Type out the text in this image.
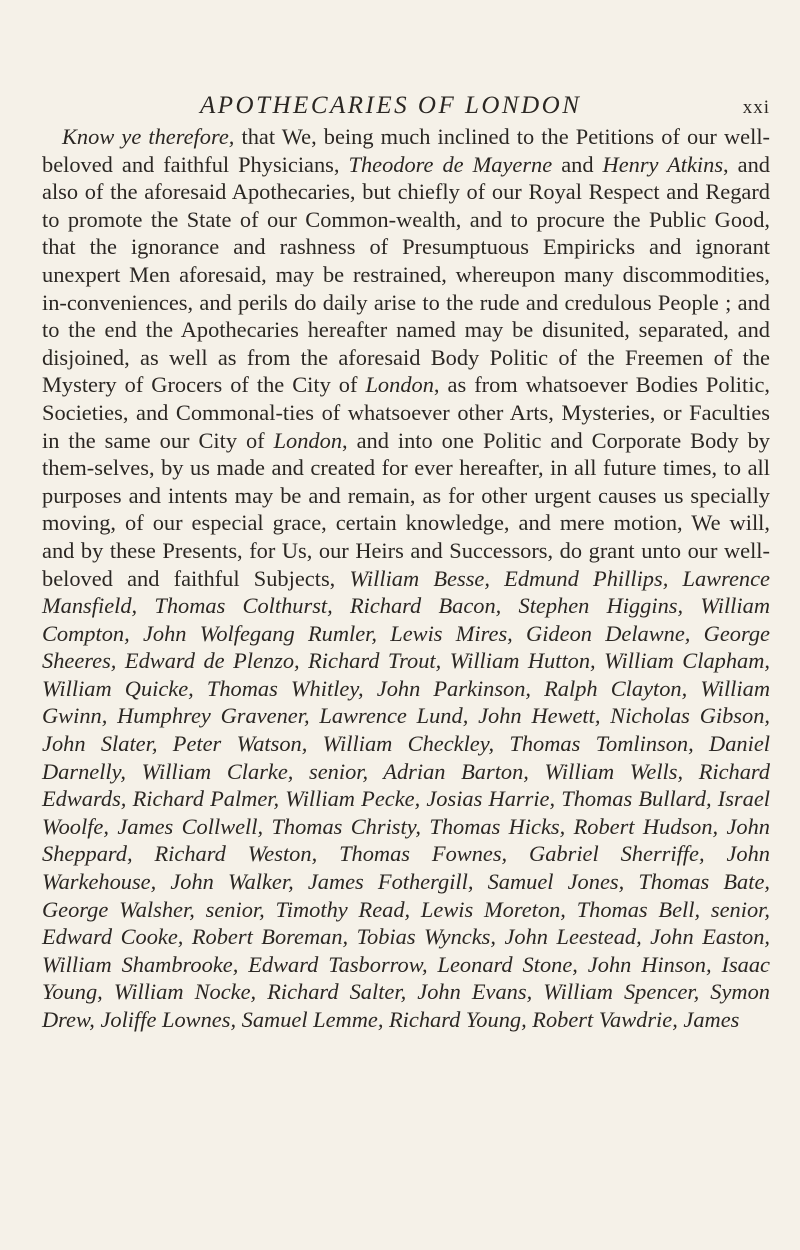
APOTHECARIES OF LONDON	xxi

Know ye therefore, that We, being much inclined to the Petitions of our well-beloved and faithful Physicians, Theodore de Mayerne and Henry Atkins, and also of the aforesaid Apothecaries, but chiefly of our Royal Respect and Regard to promote the State of our Common-wealth, and to procure the Public Good, that the ignorance and rashness of Presumptuous Empiricks and ignorant unexpert Men aforesaid, may be restrained, whereupon many discommodities, in-conveniences, and perils do daily arise to the rude and credulous People ; and to the end the Apothecaries hereafter named may be disunited, separated, and disjoined, as well as from the aforesaid Body Politic of the Freemen of the Mystery of Grocers of the City of London, as from whatsoever Bodies Politic, Societies, and Commonal-ties of whatsoever other Arts, Mysteries, or Faculties in the same our City of London, and into one Politic and Corporate Body by them-selves, by us made and created for ever hereafter, in all future times, to all purposes and intents may be and remain, as for other urgent causes us specially moving, of our especial grace, certain knowledge, and mere motion, We will, and by these Presents, for Us, our Heirs and Successors, do grant unto our well-beloved and faithful Subjects, William Besse, Edmund Phillips, Lawrence Mansfield, Thomas Colthurst, Richard Bacon, Stephen Higgins, William Compton, John Wolfegang Rumler, Lewis Mires, Gideon Delawne, George Sheeres, Edward de Plenzo, Richard Trout, William Hutton, William Clapham, William Quicke, Thomas Whitley, John Parkinson, Ralph Clayton, William Gwinn, Humphrey Gravener, Lawrence Lund, John Hewett, Nicholas Gibson, John Slater, Peter Watson, William Checkley, Thomas Tomlinson, Daniel Darnelly, William Clarke, senior, Adrian Barton, William Wells, Richard Edwards, Richard Palmer, William Pecke, Josias Harrie, Thomas Bullard, Israel Woolfe, James Collwell, Thomas Christy, Thomas Hicks, Robert Hudson, John Sheppard, Richard Weston, Thomas Fownes, Gabriel Sherriffe, John Warkehouse, John Walker, James Fothergill, Samuel Jones, Thomas Bate, George Walsher, senior, Timothy Read, Lewis Moreton, Thomas Bell, senior, Edward Cooke, Robert Boreman, Tobias Wyncks, John Leestead, John Easton, William Shambrooke, Edward Tasborrow, Leonard Stone, John Hinson, Isaac Young, William Nocke, Richard Salter, John Evans, William Spencer, Symon Drew, Joliffe Lownes, Samuel Lemme, Richard Young, Robert Vawdrie, James
